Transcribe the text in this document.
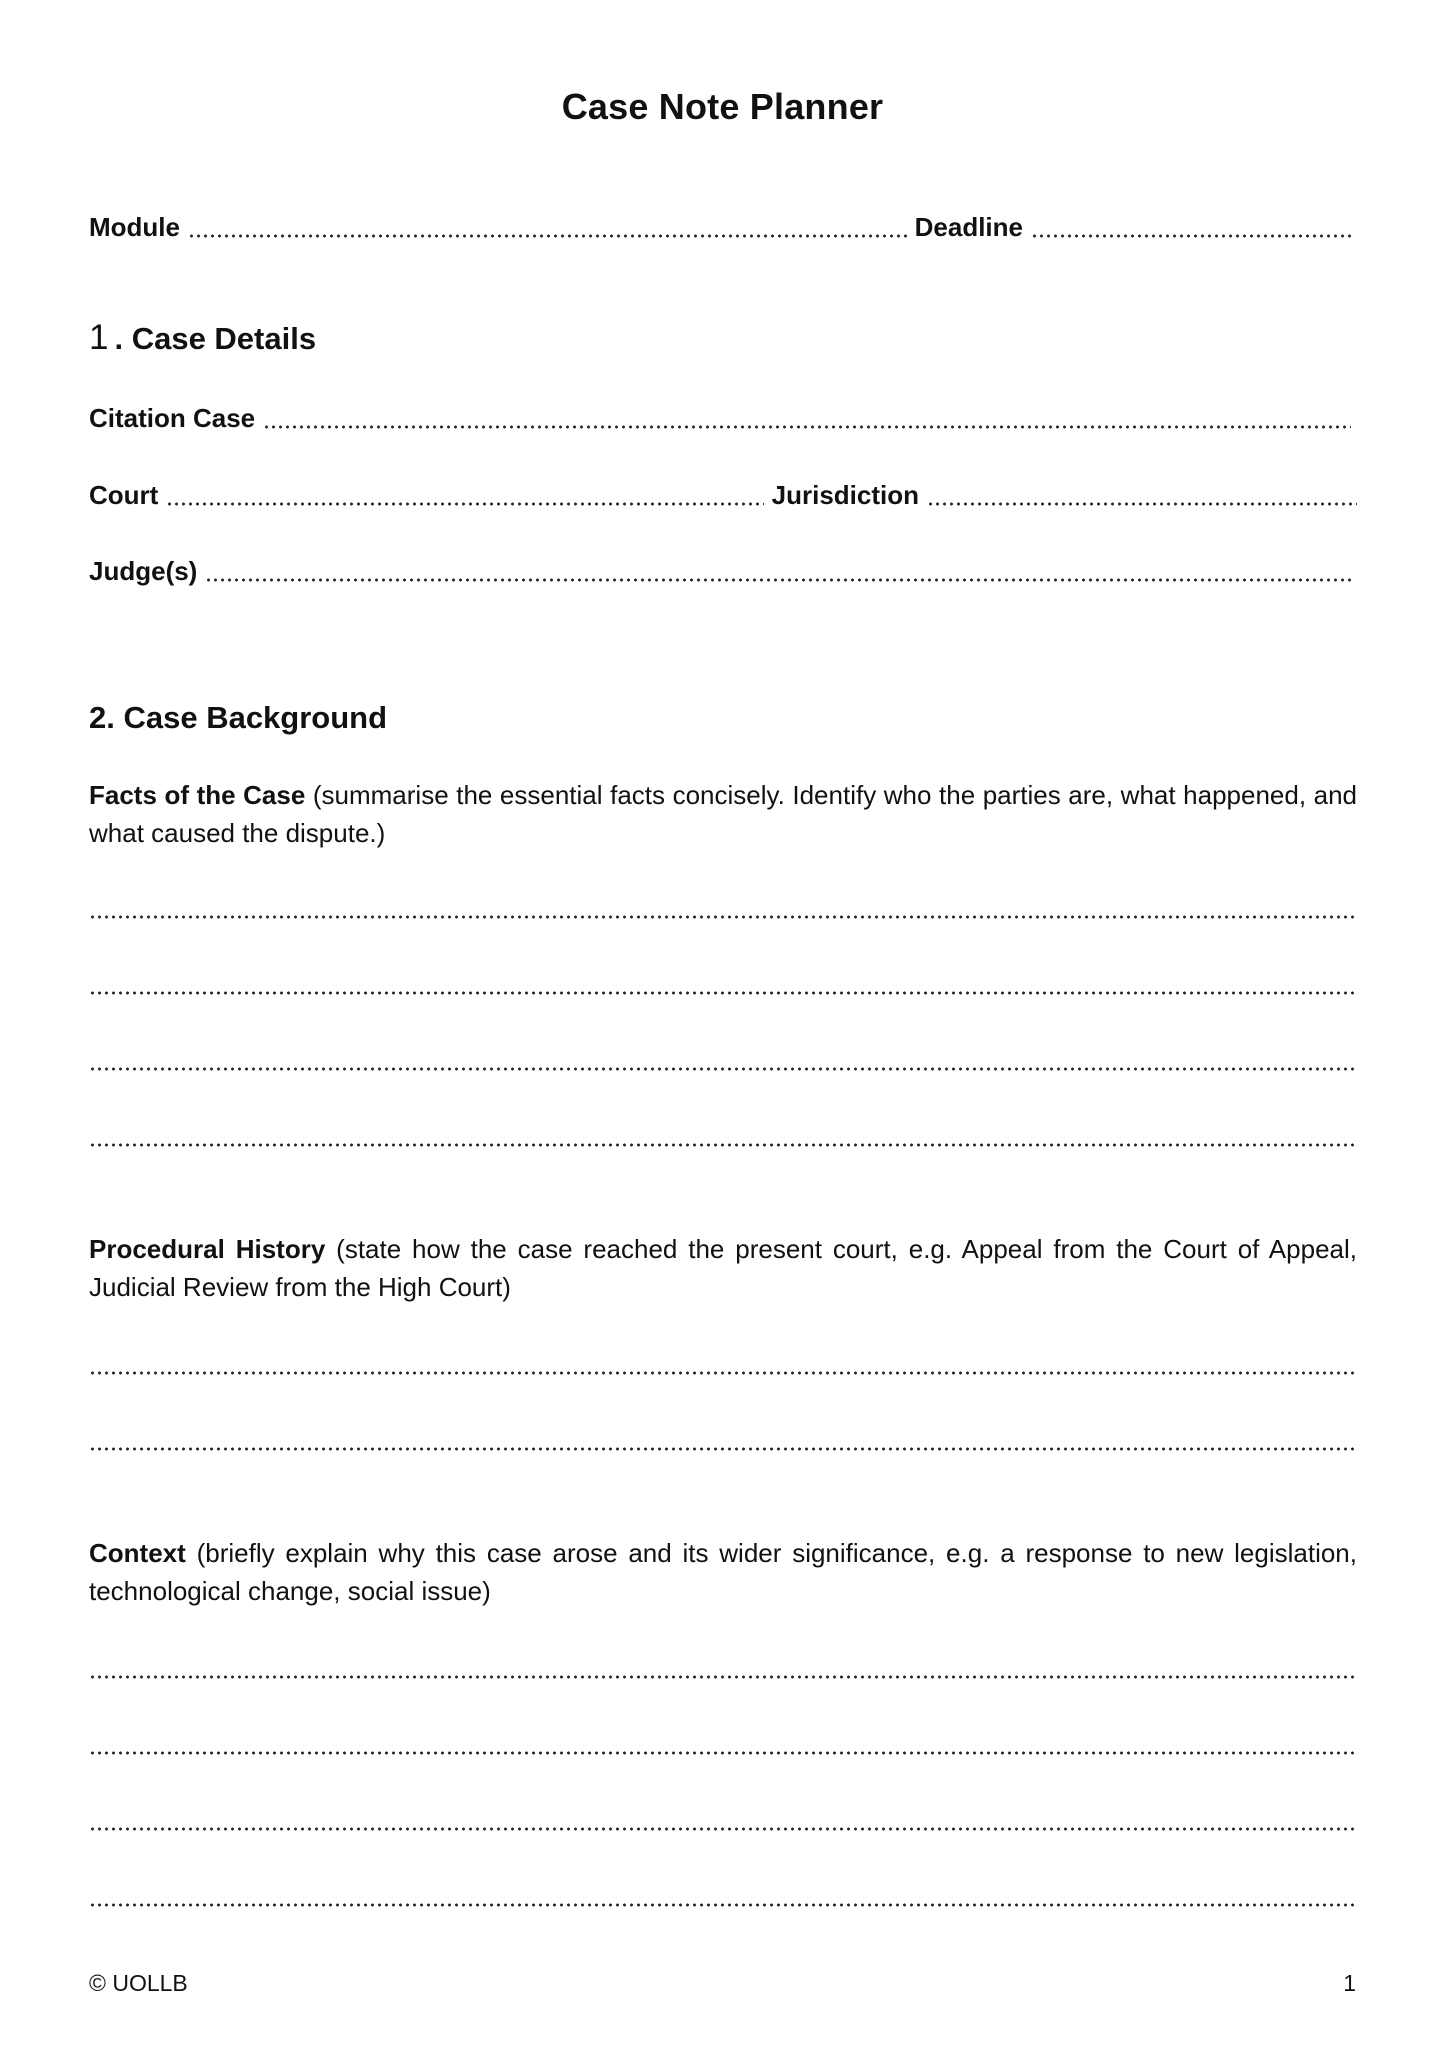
Case Note Planner
Module	Deadline
1 . Case Details
Citation Case
Court	Jurisdiction
Judge(s)
2. Case Background
Facts of the Case (summarise the essential facts concisely. Identify who the parties are, what happened, and what caused the dispute.)
Procedural History (state how the case reached the present court, e.g. Appeal from the Court of Appeal, Judicial Review from the High Court)
Context (briefly explain why this case arose and its wider significance, e.g. a response to new legislation, technological change, social issue)
© UOLLB	1
